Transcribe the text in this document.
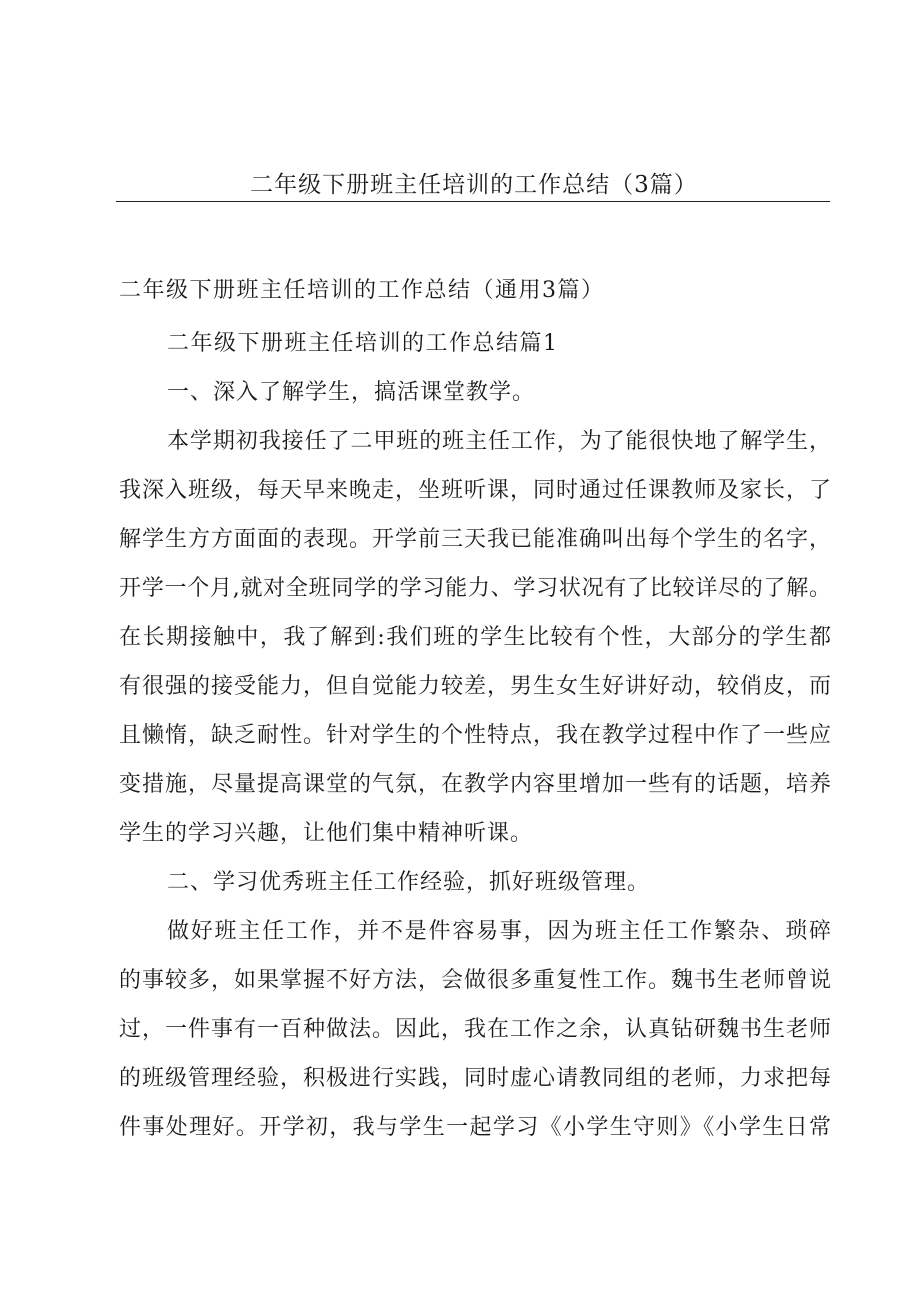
二年级下册班主任培训的工作总结（3篇）
二年级下册班主任培训的工作总结（通用3篇）
二年级下册班主任培训的工作总结篇1
一、深入了解学生，搞活课堂教学。
本学期初我接任了二甲班的班主任工作，为了能很快地了解学生，
我深入班级，每天早来晚走，坐班听课，同时通过任课教师及家长，了
解学生方方面面的表现。开学前三天我已能准确叫出每个学生的名字，
开学一个月,就对全班同学的学习能力、学习状况有了比较详尽的了解。
在长期接触中，我了解到:我们班的学生比较有个性，大部分的学生都
有很强的接受能力，但自觉能力较差，男生女生好讲好动，较俏皮，而
且懒惰，缺乏耐性。针对学生的个性特点，我在教学过程中作了一些应
变措施，尽量提高课堂的气氛，在教学内容里增加一些有的话题，培养
学生的学习兴趣，让他们集中精神听课。
二、学习优秀班主任工作经验，抓好班级管理。
做好班主任工作，并不是件容易事，因为班主任工作繁杂、琐碎
的事较多，如果掌握不好方法，会做很多重复性工作。魏书生老师曾说
过，一件事有一百种做法。因此，我在工作之余，认真钻研魏书生老师
的班级管理经验，积极进行实践，同时虚心请教同组的老师，力求把每
件事处理好。开学初，我与学生一起学习《小学生守则》《小学生日常
